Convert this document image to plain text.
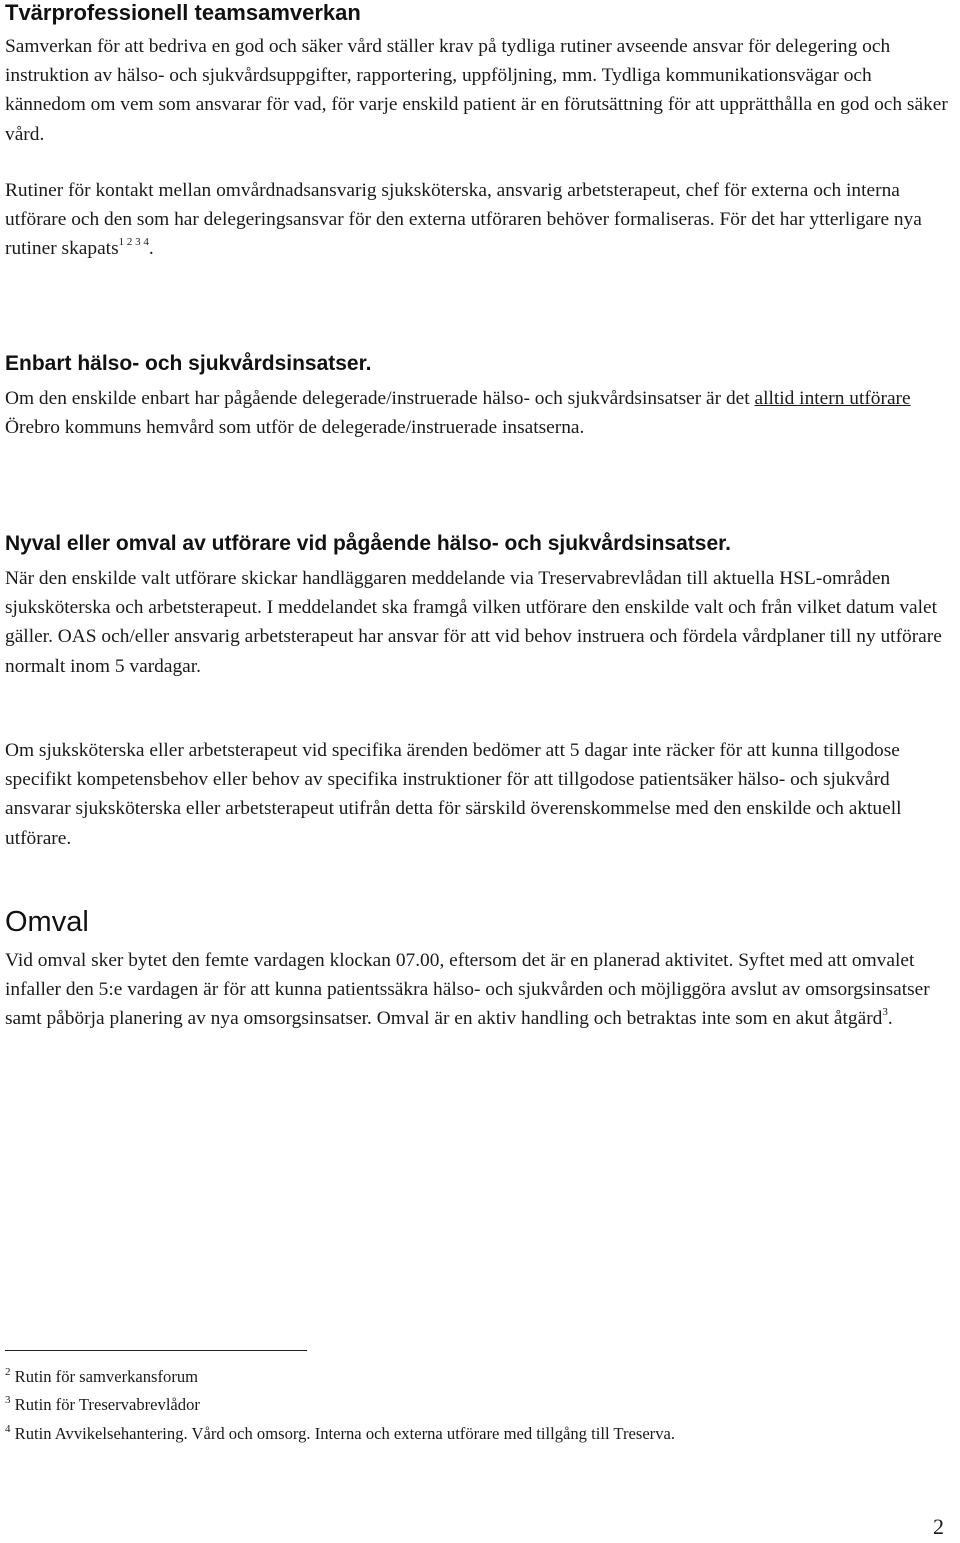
Tvärprofessionell teamsamverkan

Samverkan för att bedriva en god och säker vård ställer krav på tydliga rutiner avseende ansvar för delegering och instruktion av hälso- och sjukvårdsuppgifter, rapportering, uppföljning, mm. Tydliga kommunikationsvägar och kännedom om vem som ansvarar för vad, för varje enskild patient är en förutsättning för att upprätthålla en god och säker vård.

Rutiner för kontakt mellan omvårdnadsansvarig sjuksköterska, ansvarig arbetsterapeut, chef för externa och interna utförare och den som har delegeringsansvar för den externa utföraren behöver formaliseras. För det har ytterligare nya rutiner skapats$^{1 2 3 4}$.

Enbart hälso- och sjukvårdsinsatser.

Om den enskilde enbart har pågående delegerade/instruerade hälso- och sjukvårdsinsatser är det alltid intern utförare Örebro kommuns hemvård som utför de delegerade/instruerade insatserna.

Nyval eller omval av utförare vid pågående hälso- och sjukvårdsinsatser.

När den enskilde valt utförare skickar handläggaren meddelande via Treservabrevlådan till aktuella HSL-områden sjuksköterska och arbetsterapeut. I meddelandet ska framgå vilken utförare den enskilde valt och från vilket datum valet gäller. OAS och/eller ansvarig arbetsterapeut har ansvar för att vid behov instruera och fördela vårdplaner till ny utförare normalt inom 5 vardagar.

Om sjuksköterska eller arbetsterapeut vid specifika ärenden bedömer att 5 dagar inte räcker för att kunna tillgodose specifikt kompetensbehov eller behov av specifika instruktioner för att tillgodose patientsäker hälso- och sjukvård ansvarar sjuksköterska eller arbetsterapeut utifrån detta för särskild överenskommelse med den enskilde och aktuell utförare.

Omval

Vid omval sker bytet den femte vardagen klockan 07.00, eftersom det är en planerad aktivitet. Syftet med att omvalet infaller den 5:e vardagen är för att kunna patientssäkra hälso- och sjukvården och möjliggöra avslut av omsorgsinsatser samt påbörja planering av nya omsorgsinsatser. Omval är en aktiv handling och betraktas inte som en akut åtgärd$^3$.

$^2$ Rutin för samverkansforum
$^3$ Rutin för Treservabrevlådor
$^4$ Rutin Avvikelsehantering. Vård och omsorg. Interna och externa utförare med tillgång till Treserva.
2
